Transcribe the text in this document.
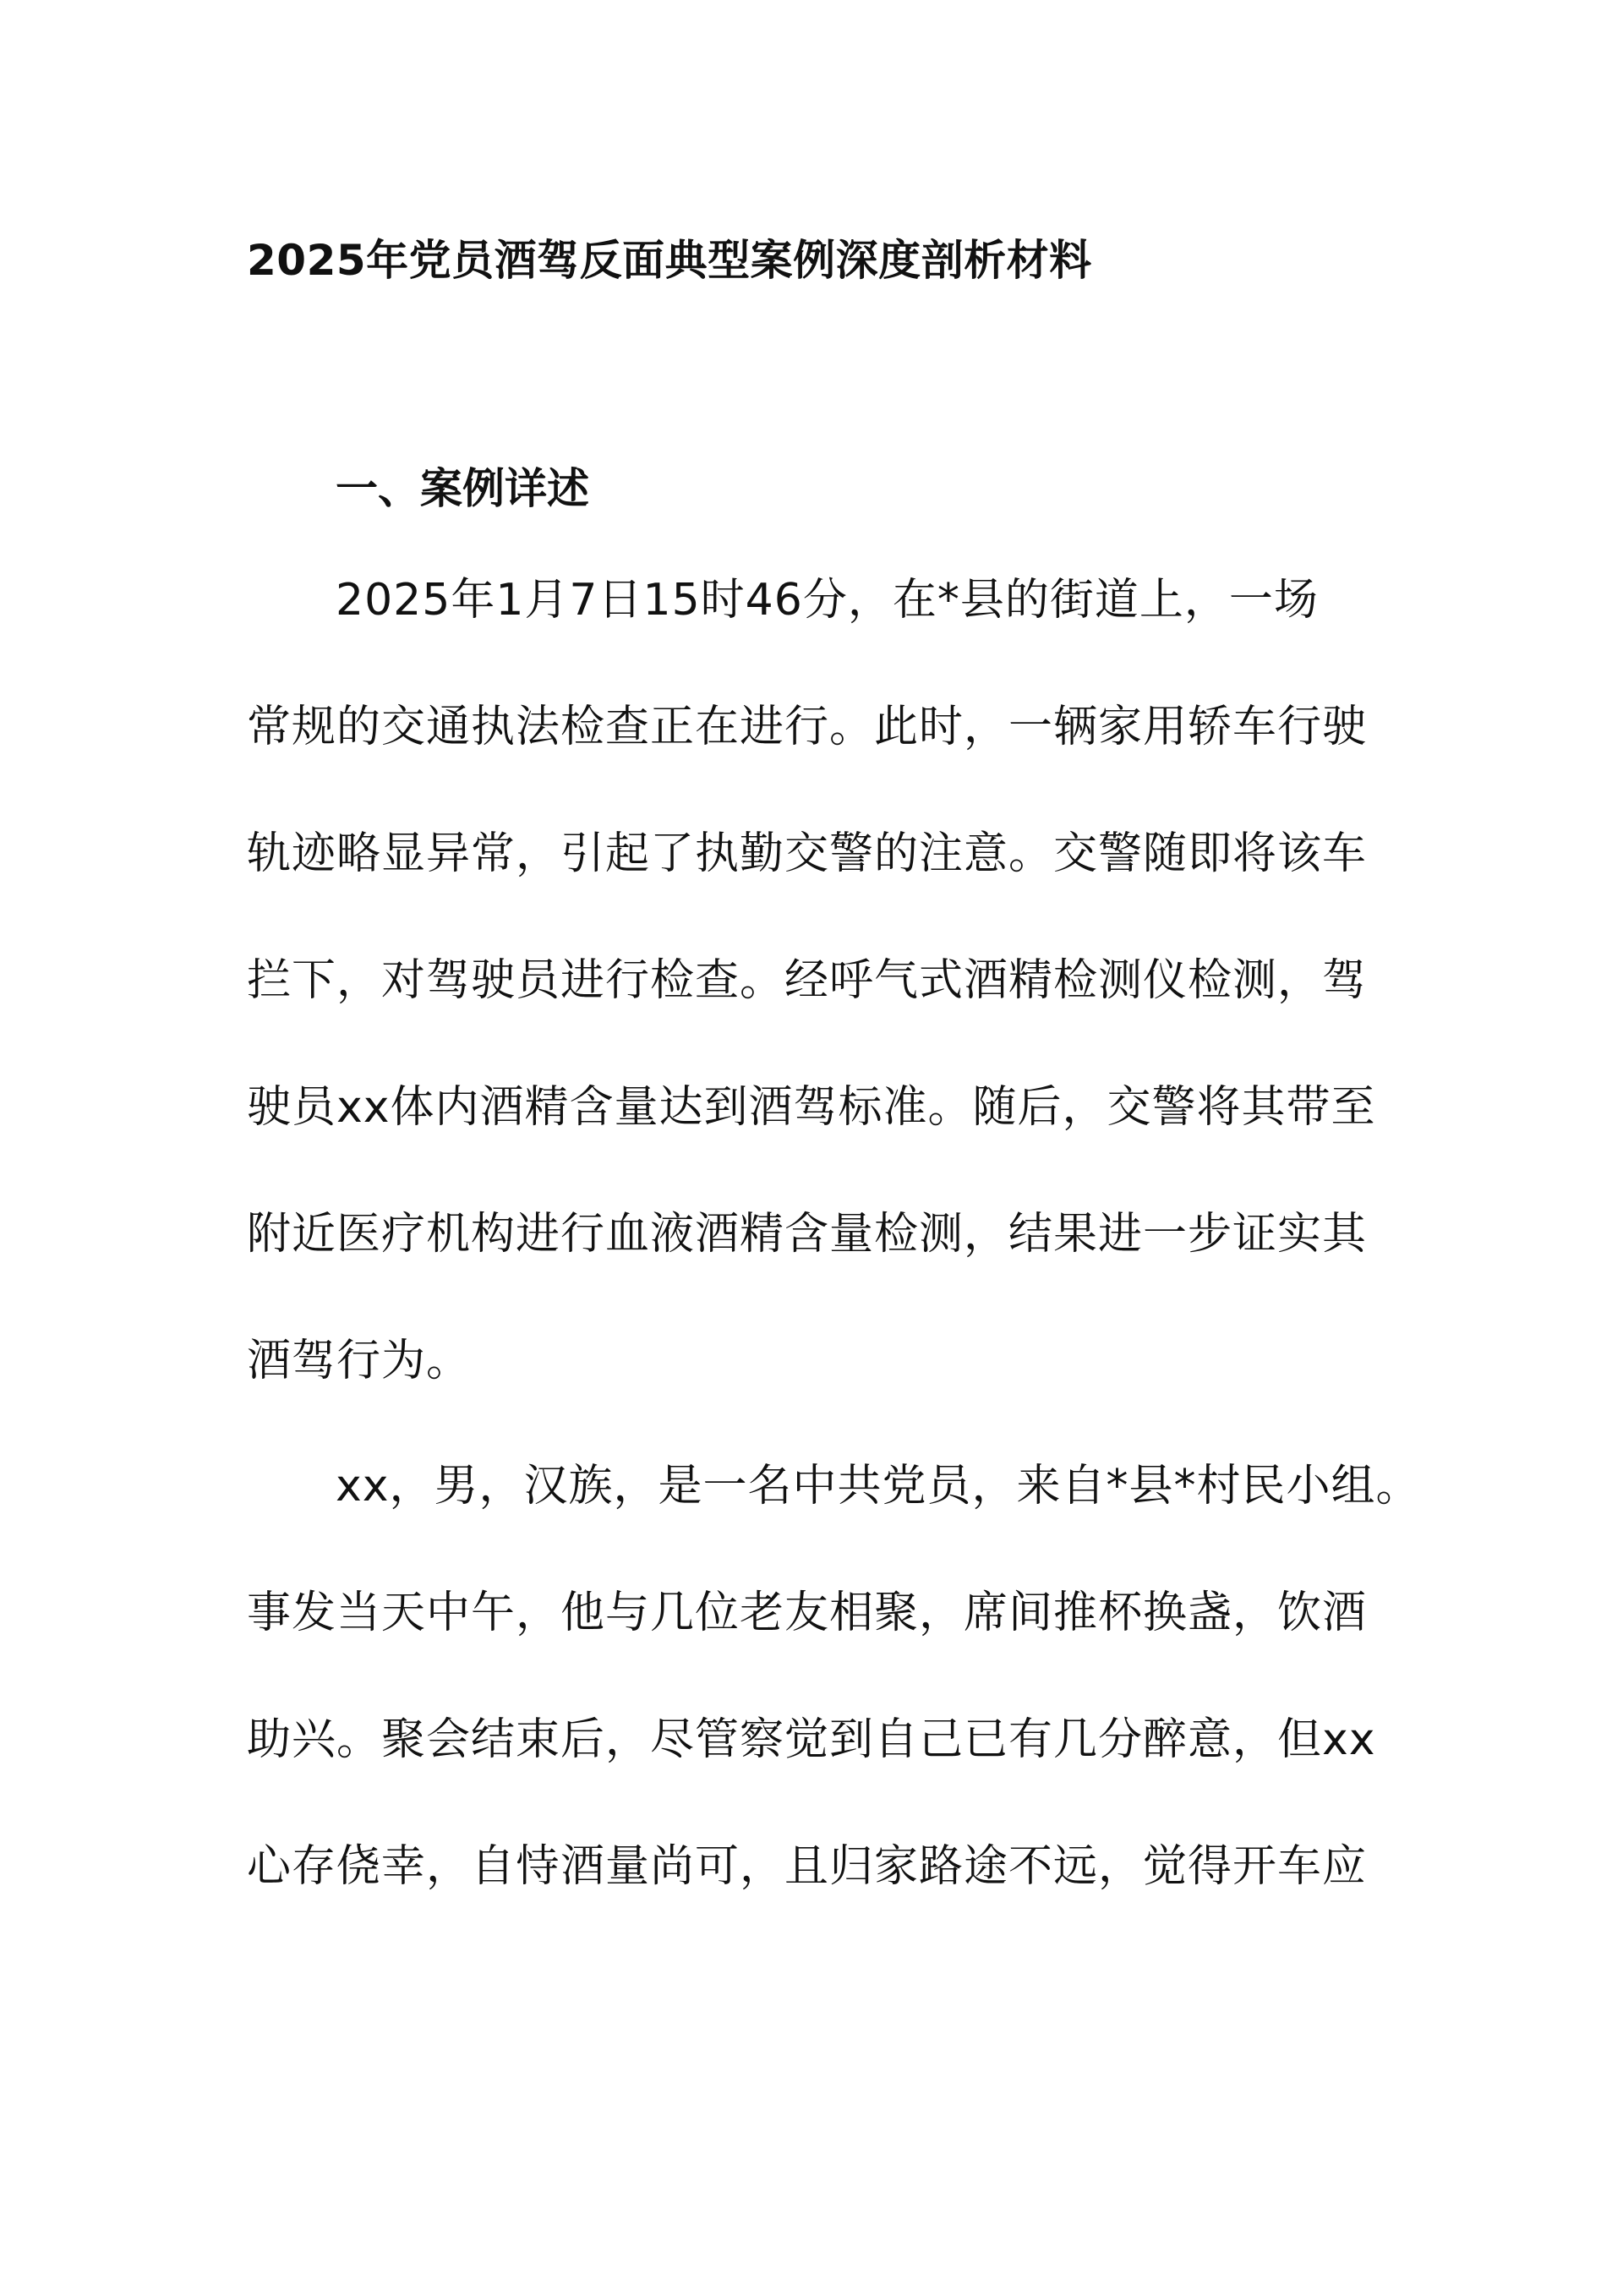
2025年党员酒驾反面典型案例深度剖析材料
一、案例详述
2025年1月7日15时46分，在*县的街道上，一场
常规的交通执法检查正在进行。此时，一辆家用轿车行驶
轨迹略显异常，引起了执勤交警的注意。交警随即将该车
拦下，对驾驶员进行检查。经呼气式酒精检测仪检测，驾
驶员xx体内酒精含量达到酒驾标准。随后，交警将其带至
附近医疗机构进行血液酒精含量检测，结果进一步证实其
酒驾行为。
xx，男，汉族，是一名中共党员，来自*县*村民小组。
事发当天中午，他与几位老友相聚，席间推杯换盏，饮酒
助兴。聚会结束后，尽管察觉到自己已有几分醉意，但xx
心存侥幸，自恃酒量尚可，且归家路途不远，觉得开车应
